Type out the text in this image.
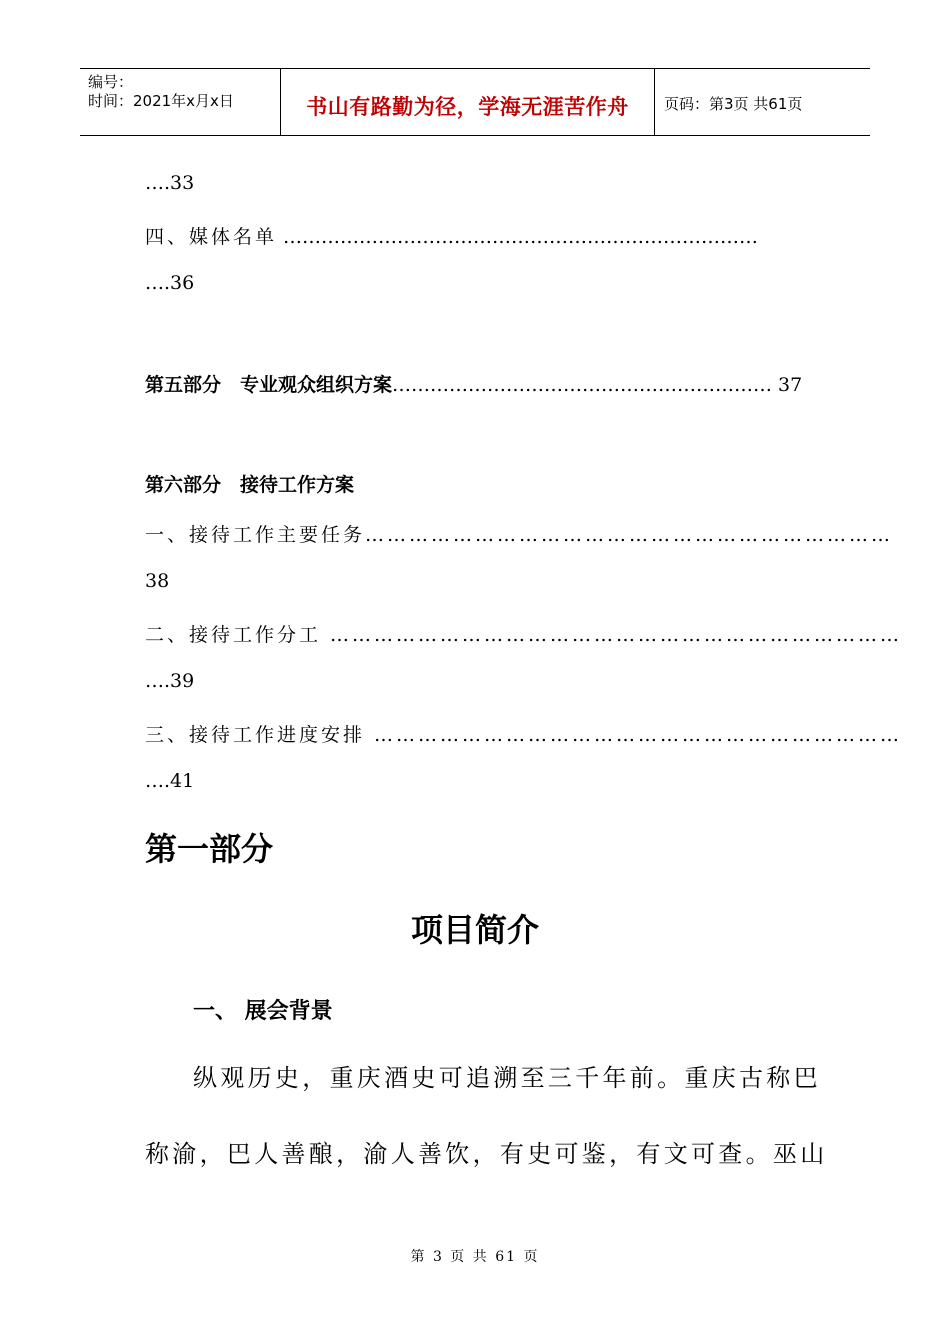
编号：
时间：2021年x月x日	书山有路勤为径，学海无涯苦作舟	页码：第3页 共61页
….33
四、媒体名单 …………………………………………………………………
….36
第五部分　专业观众组织方案…………………………………………………… 37
第六部分　接待工作方案
一、接待工作主要任务………………………………………………………………
38
二、接待工作分工 ……………………………………………………………………
….39
三、接待工作进度安排 ………………………………………………………………
….41
第一部分
项目简介
一、 展会背景
纵观历史，重庆酒史可追溯至三千年前。重庆古称巴
称渝，巴人善酿，渝人善饮，有史可鉴，有文可查。巫山
第 3 页 共 61 页
